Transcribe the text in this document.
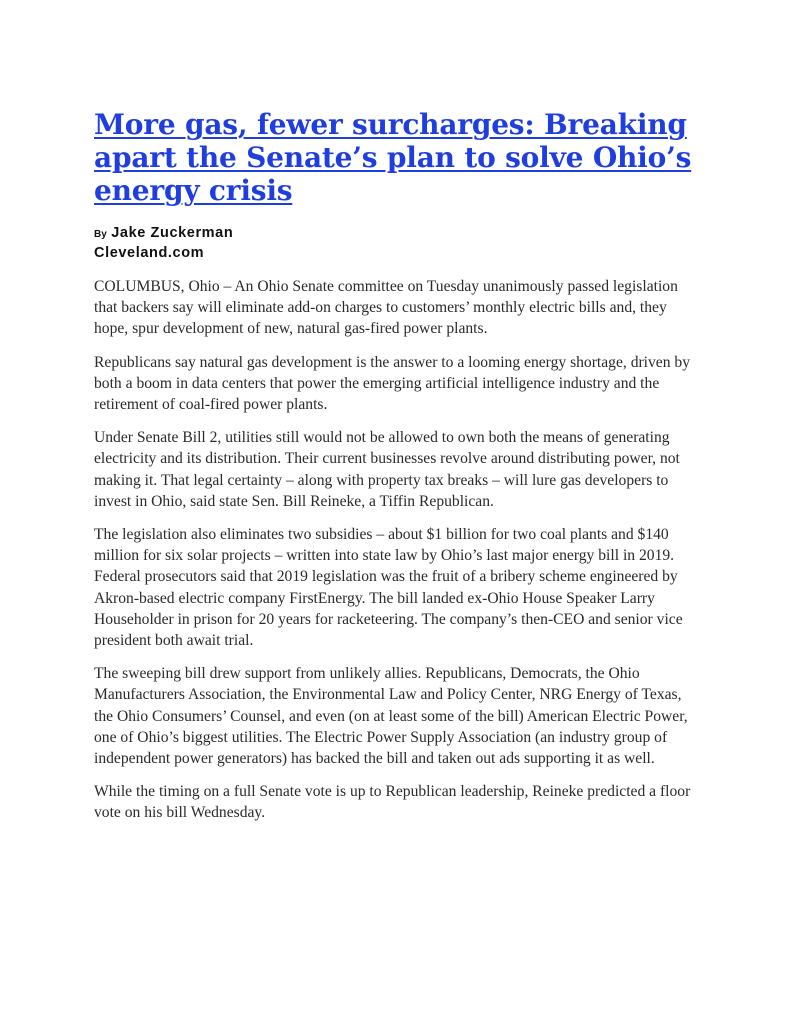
More gas, fewer surcharges: Breaking apart the Senate’s plan to solve Ohio’s energy crisis
By Jake Zuckerman
Cleveland.com

COLUMBUS, Ohio – An Ohio Senate committee on Tuesday unanimously passed legislation that backers say will eliminate add-on charges to customers’ monthly electric bills and, they hope, spur development of new, natural gas-fired power plants.

Republicans say natural gas development is the answer to a looming energy shortage, driven by both a boom in data centers that power the emerging artificial intelligence industry and the retirement of coal-fired power plants.

Under Senate Bill 2, utilities still would not be allowed to own both the means of generating electricity and its distribution. Their current businesses revolve around distributing power, not making it. That legal certainty – along with property tax breaks – will lure gas developers to invest in Ohio, said state Sen. Bill Reineke, a Tiffin Republican.

The legislation also eliminates two subsidies – about $1 billion for two coal plants and $140 million for six solar projects – written into state law by Ohio’s last major energy bill in 2019. Federal prosecutors said that 2019 legislation was the fruit of a bribery scheme engineered by Akron-based electric company FirstEnergy. The bill landed ex-Ohio House Speaker Larry Householder in prison for 20 years for racketeering. The company’s then-CEO and senior vice president both await trial.

The sweeping bill drew support from unlikely allies. Republicans, Democrats, the Ohio Manufacturers Association, the Environmental Law and Policy Center, NRG Energy of Texas, the Ohio Consumers’ Counsel, and even (on at least some of the bill) American Electric Power, one of Ohio’s biggest utilities. The Electric Power Supply Association (an industry group of independent power generators) has backed the bill and taken out ads supporting it as well.

While the timing on a full Senate vote is up to Republican leadership, Reineke predicted a floor vote on his bill Wednesday.
